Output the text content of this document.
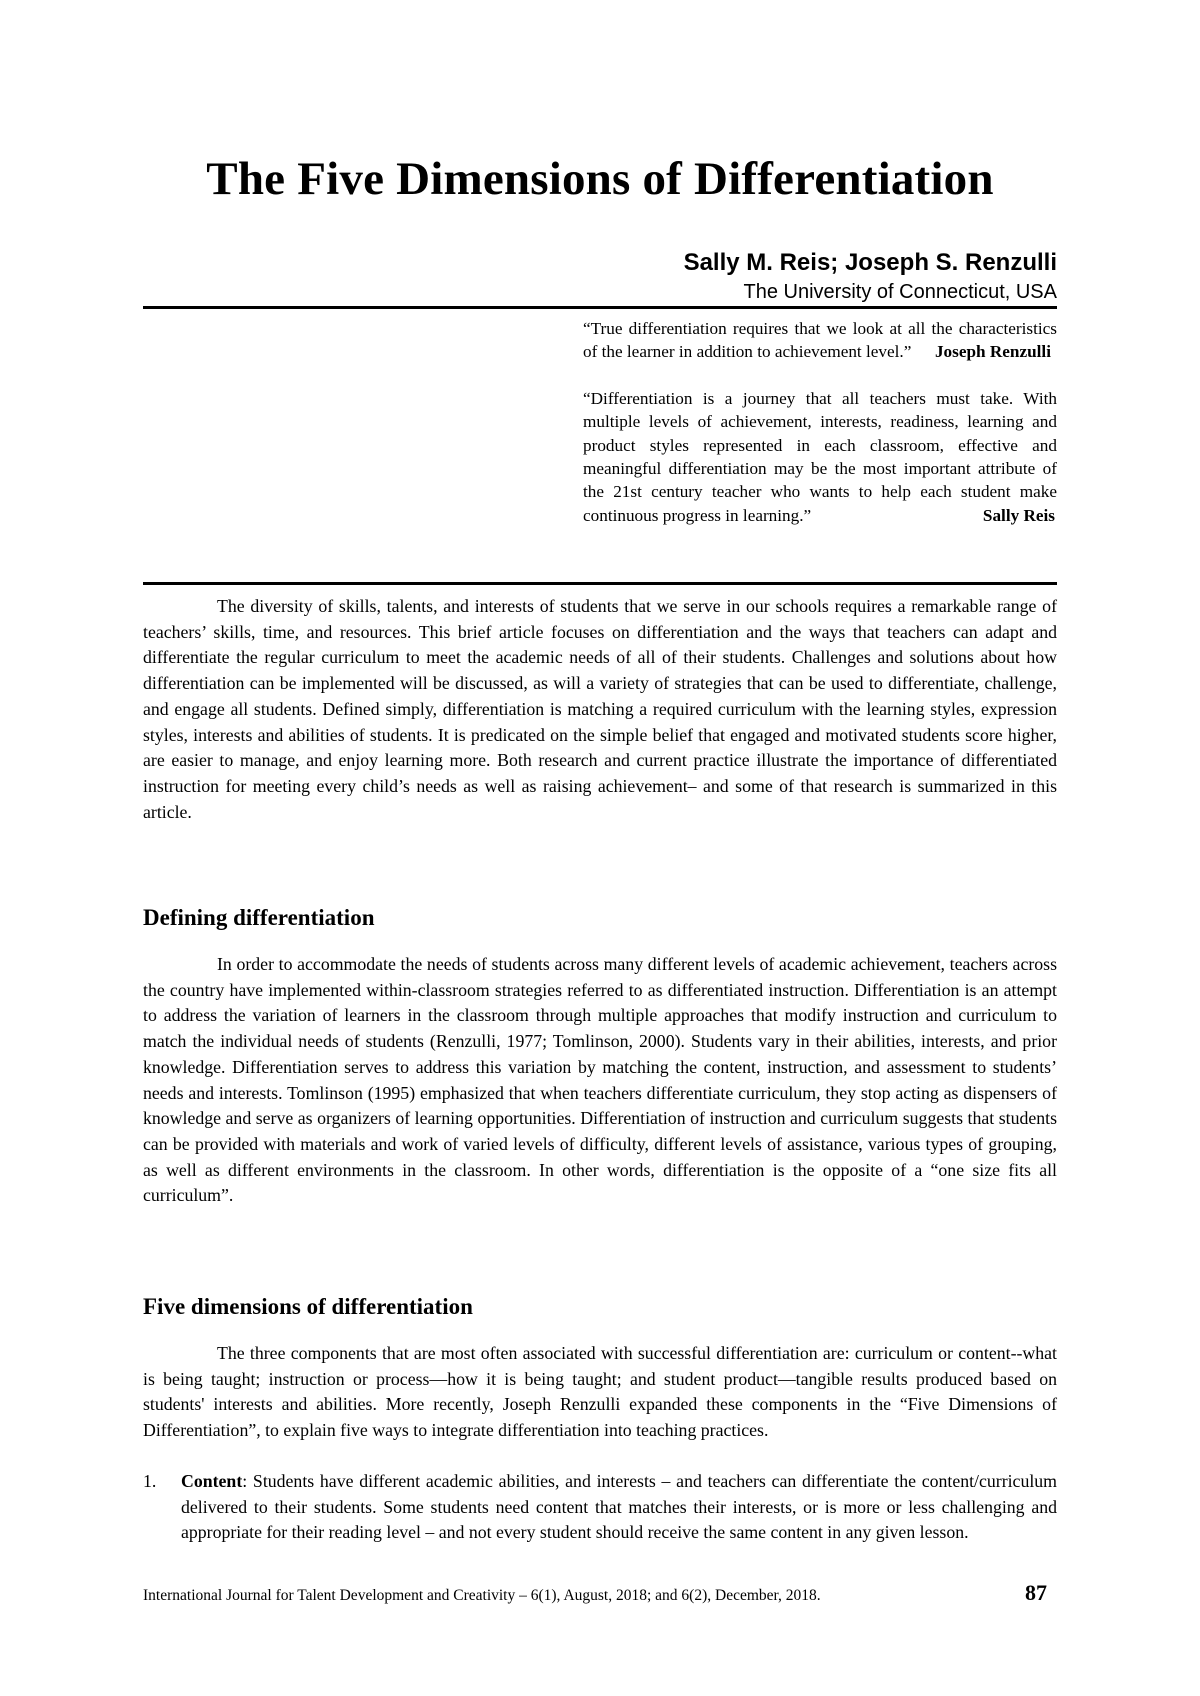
The Five Dimensions of Differentiation
Sally M. Reis; Joseph S. Renzulli
The University of Connecticut, USA
“True differentiation requires that we look at all the characteristics of the learner in addition to achievement level.” Joseph Renzulli
“Differentiation is a journey that all teachers must take. With multiple levels of achievement, interests, readiness, learning and product styles represented in each classroom, effective and meaningful differentiation may be the most important attribute of the 21st century teacher who wants to help each student make continuous progress in learning.”	Sally Reis

The diversity of skills, talents, and interests of students that we serve in our schools requires a remarkable range of teachers’ skills, time, and resources. This brief article focuses on differentiation and the ways that teachers can adapt and differentiate the regular curriculum to meet the academic needs of all of their students. Challenges and solutions about how differentiation can be implemented will be discussed, as will a variety of strategies that can be used to differentiate, challenge, and engage all students. Defined simply, differentiation is matching a required curriculum with the learning styles, expression styles, interests and abilities of students. It is predicated on the simple belief that engaged and motivated students score higher, are easier to manage, and enjoy learning more. Both research and current practice illustrate the importance of differentiated instruction for meeting every child’s needs as well as raising achievement– and some of that research is summarized in this article.

Defining differentiation

In order to accommodate the needs of students across many different levels of academic achievement, teachers across the country have implemented within-classroom strategies referred to as differentiated instruction. Differentiation is an attempt to address the variation of learners in the classroom through multiple approaches that modify instruction and curriculum to match the individual needs of students (Renzulli, 1977; Tomlinson, 2000). Students vary in their abilities, interests, and prior knowledge. Differentiation serves to address this variation by matching the content, instruction, and assessment to students’ needs and interests. Tomlinson (1995) emphasized that when teachers differentiate curriculum, they stop acting as dispensers of knowledge and serve as organizers of learning opportunities. Differentiation of instruction and curriculum suggests that students can be provided with materials and work of varied levels of difficulty, different levels of assistance, various types of grouping, as well as different environments in the classroom. In other words, differentiation is the opposite of a “one size fits all curriculum”.

Five dimensions of differentiation

The three components that are most often associated with successful differentiation are: curriculum or content--what is being taught; instruction or process—how it is being taught; and student product—tangible results produced based on students' interests and abilities. More recently, Joseph Renzulli expanded these components in the “Five Dimensions of Differentiation”, to explain five ways to integrate differentiation into teaching practices.

1.	Content: Students have different academic abilities, and interests – and teachers can differentiate the content/curriculum delivered to their students. Some students need content that matches their interests, or is more or less challenging and appropriate for their reading level – and not every student should receive the same content in any given lesson.
International Journal for Talent Development and Creativity – 6(1), August, 2018; and 6(2), December, 2018.	87
